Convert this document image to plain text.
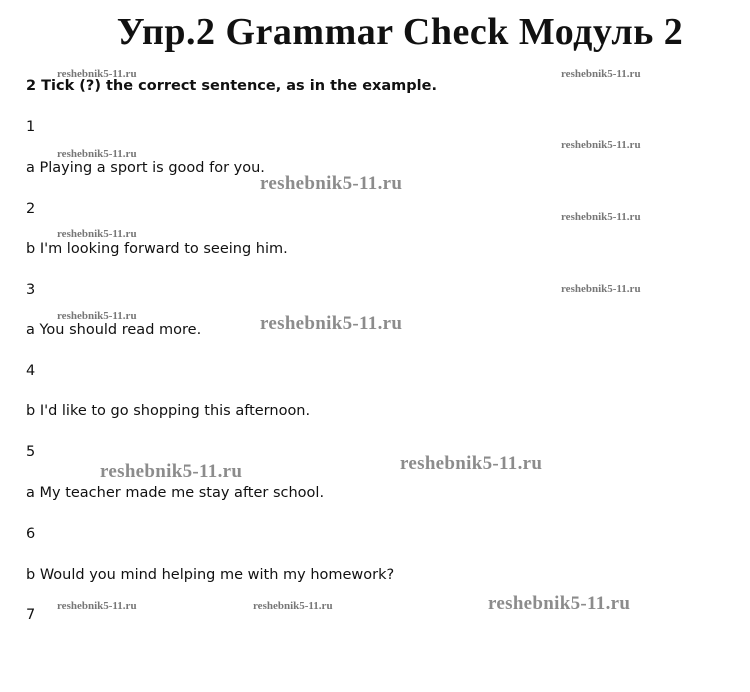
Упр.2 Grammar Check Модуль 2
2 Tick (?) the correct sentence, as in the example.
1
a Playing a sport is good for you.
2
b I'm looking forward to seeing him.
3
a You should read more.
4
b I'd like to go shopping this afternoon.
5
a My teacher made me stay after school.
6
b Would you mind helping me with my homework?
7
reshebnik5-11.ru	reshebnik5-11.ru
reshebnik5-11.ru
reshebnik5-11.ru
reshebnik5-11.ru
reshebnik5-11.ru
reshebnik5-11.ru
reshebnik5-11.ru
reshebnik5-11.ru	reshebnik5-11.ru
reshebnik5-11.ru	reshebnik5-11.ru
reshebnik5-11.ru	reshebnik5-11.ru	reshebnik5-11.ru
